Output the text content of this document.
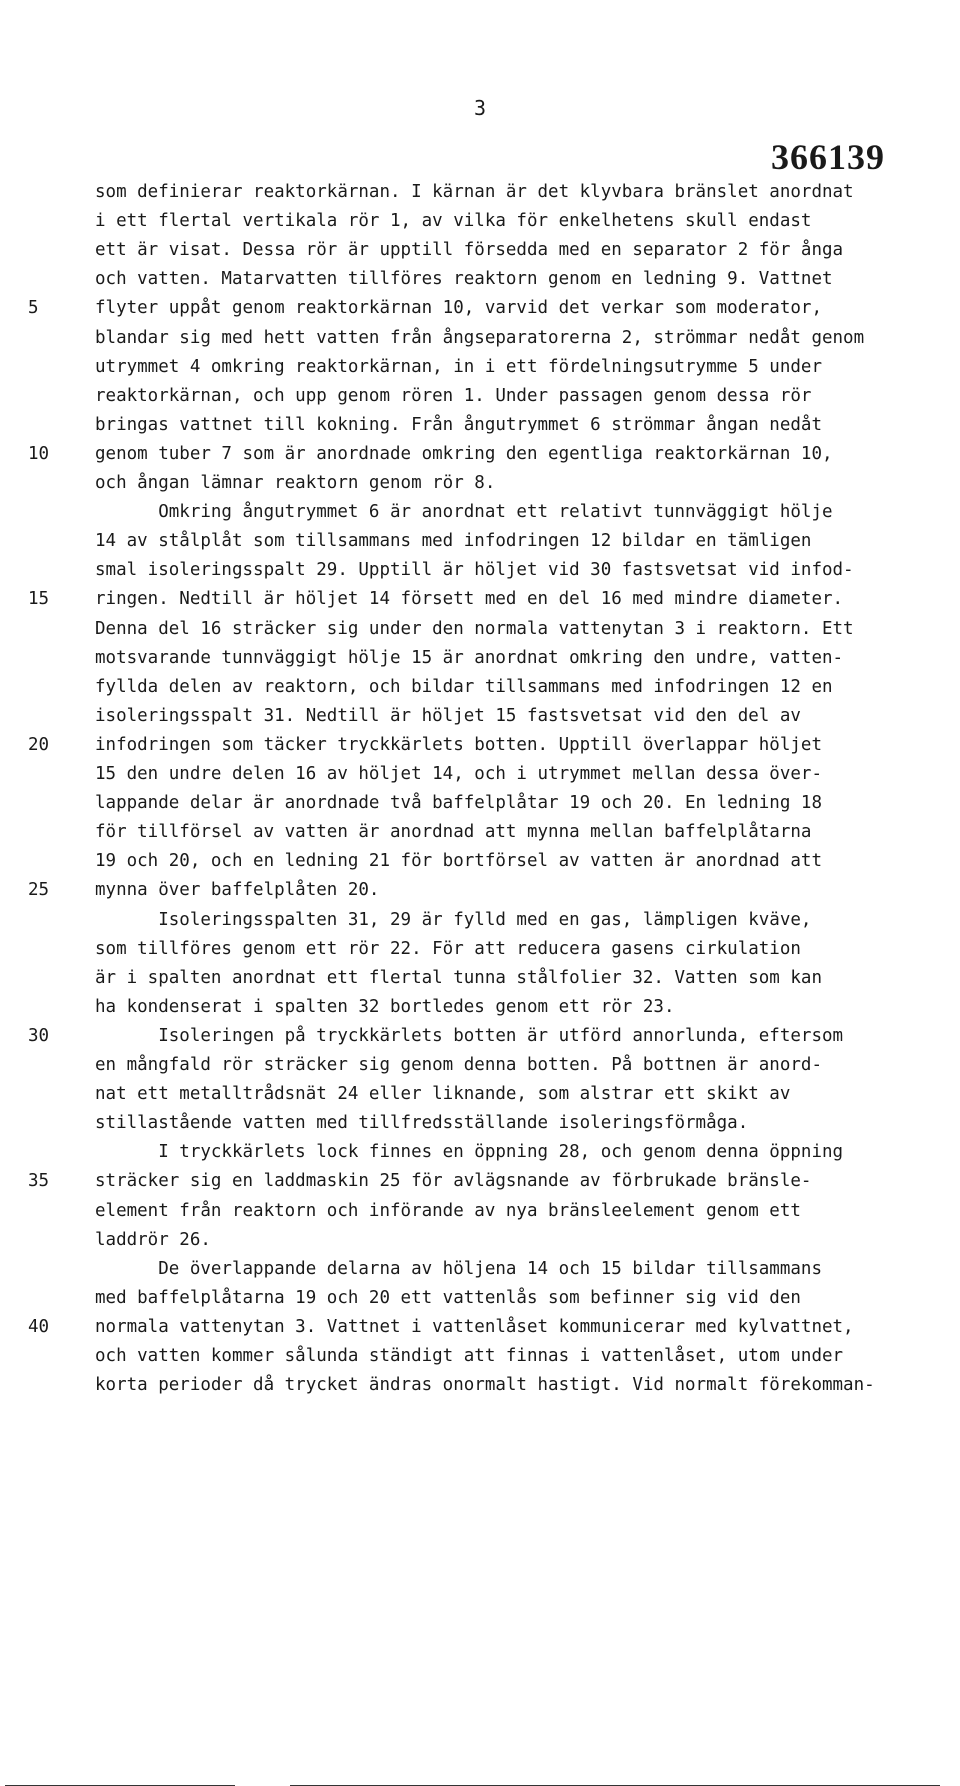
3
366139
som definierar reaktorkärnan. I kärnan är det klyvbara bränslet anordnat
i ett flertal vertikala rör 1, av vilka för enkelhetens skull endast
ett är visat. Dessa rör är upptill försedda med en separator 2 för ånga
och vatten. Matarvatten tillföres reaktorn genom en ledning 9. Vattnet
flyter uppåt genom reaktorkärnan 10, varvid det verkar som moderator,
blandar sig med hett vatten från ångseparatorerna 2, strömmar nedåt genom
utrymmet 4 omkring reaktorkärnan, in i ett fördelningsutrymme 5 under
reaktorkärnan, och upp genom rören 1. Under passagen genom dessa rör
bringas vattnet till kokning. Från ångutrymmet 6 strömmar ångan nedåt
genom tuber 7 som är anordnade omkring den egentliga reaktorkärnan 10,
och ångan lämnar reaktorn genom rör 8.
Omkring ångutrymmet 6 är anordnat ett relativt tunnväggigt hölje
14 av stålplåt som tillsammans med infodringen 12 bildar en tämligen
smal isoleringsspalt 29. Upptill är höljet vid 30 fastsvetsat vid infod-
ringen. Nedtill är höljet 14 försett med en del 16 med mindre diameter.
Denna del 16 sträcker sig under den normala vattenytan 3 i reaktorn. Ett
motsvarande tunnväggigt hölje 15 är anordnat omkring den undre, vatten-
fyllda delen av reaktorn, och bildar tillsammans med infodringen 12 en
isoleringsspalt 31. Nedtill är höljet 15 fastsvetsat vid den del av
infodringen som täcker tryckkärlets botten. Upptill överlappar höljet
15 den undre delen 16 av höljet 14, och i utrymmet mellan dessa över-
lappande delar är anordnade två baffelplåtar 19 och 20. En ledning 18
för tillförsel av vatten är anordnad att mynna mellan baffelplåtarna
19 och 20, och en ledning 21 för bortförsel av vatten är anordnad att
mynna över baffelplåten 20.
Isoleringsspalten 31, 29 är fylld med en gas, lämpligen kväve,
som tillföres genom ett rör 22. För att reducera gasens cirkulation
är i spalten anordnat ett flertal tunna stålfolier 32. Vatten som kan
ha kondenserat i spalten 32 bortledes genom ett rör 23.
Isoleringen på tryckkärlets botten är utförd annorlunda, eftersom
en mångfald rör sträcker sig genom denna botten. På bottnen är anord-
nat ett metalltrådsnät 24 eller liknande, som alstrar ett skikt av
stillastående vatten med tillfredsställande isoleringsförmåga.
I tryckkärlets lock finnes en öppning 28, och genom denna öppning
sträcker sig en laddmaskin 25 för avlägsnande av förbrukade bränsle-
element från reaktorn och införande av nya bränsleelement genom ett
laddrör 26.
De överlappande delarna av höljena 14 och 15 bildar tillsammans
med baffelplåtarna 19 och 20 ett vattenlås som befinner sig vid den
normala vattenytan 3. Vattnet i vattenlåset kommunicerar med kylvattnet,
och vatten kommer sålunda ständigt att finnas i vattenlåset, utom under
korta perioder då trycket ändras onormalt hastigt. Vid normalt förekomman-
5
10
15
20
25
30
35
40
